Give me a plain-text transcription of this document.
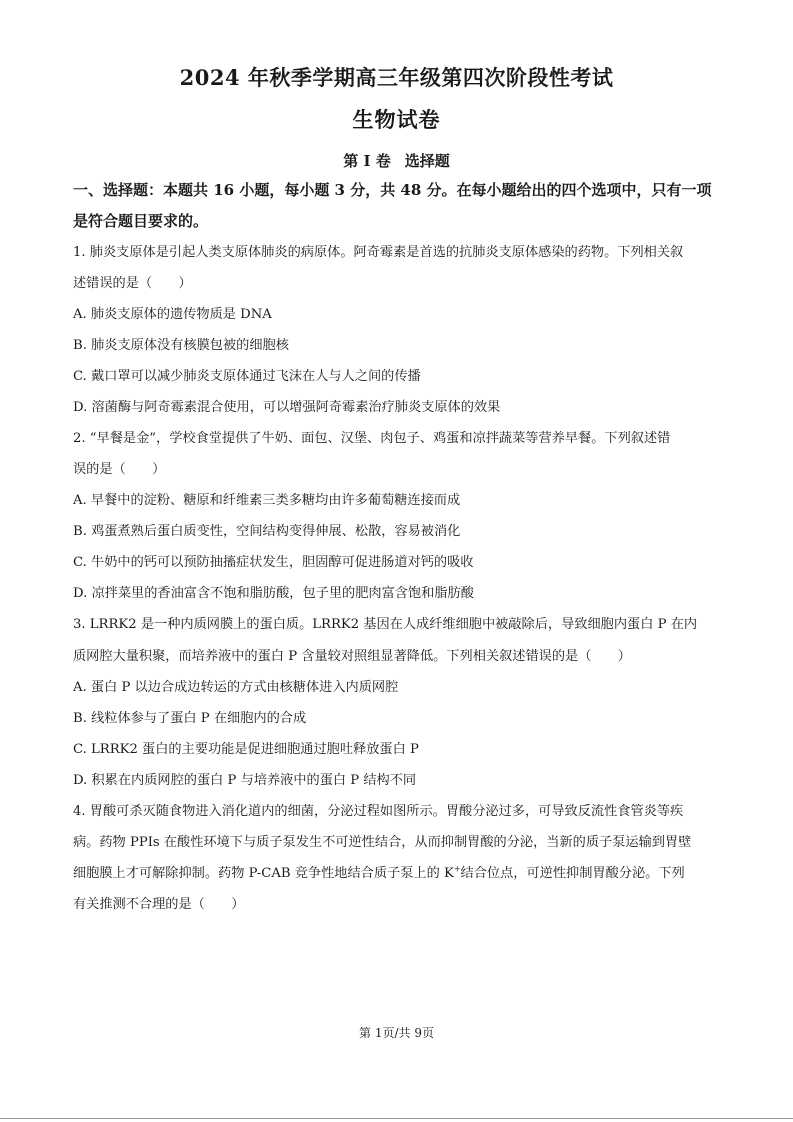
2024 年秋季学期高三年级第四次阶段性考试
生物试卷
第 I 卷 选择题
一、选择题：本题共 16 小题，每小题 3 分，共 48 分。在每小题给出的四个选项中，只有一项
是符合题目要求的。
1. 肺炎支原体是引起人类支原体肺炎的病原体。阿奇霉素是首选的抗肺炎支原体感染的药物。下列相关叙
述错误的是（　　）
A. 肺炎支原体的遗传物质是 DNA
B. 肺炎支原体没有核膜包被的细胞核
C. 戴口罩可以减少肺炎支原体通过飞沫在人与人之间的传播
D. 溶菌酶与阿奇霉素混合使用，可以增强阿奇霉素治疗肺炎支原体的效果
2. “早餐是金”，学校食堂提供了牛奶、面包、汉堡、肉包子、鸡蛋和凉拌蔬菜等营养早餐。下列叙述错
误的是（　　）
A. 早餐中的淀粉、糖原和纤维素三类多糖均由许多葡萄糖连接而成
B. 鸡蛋煮熟后蛋白质变性，空间结构变得伸展、松散，容易被消化
C. 牛奶中的钙可以预防抽搐症状发生，胆固醇可促进肠道对钙的吸收
D. 凉拌菜里的香油富含不饱和脂肪酸，包子里的肥肉富含饱和脂肪酸
3. LRRK2 是一种内质网膜上的蛋白质。LRRK2 基因在人成纤维细胞中被敲除后，导致细胞内蛋白 P 在内
质网腔大量积聚，而培养液中的蛋白 P 含量较对照组显著降低。下列相关叙述错误的是（　　）
A. 蛋白 P 以边合成边转运的方式由核糖体进入内质网腔
B. 线粒体参与了蛋白 P 在细胞内的合成
C. LRRK2 蛋白的主要功能是促进细胞通过胞吐释放蛋白 P
D. 积累在内质网腔的蛋白 P 与培养液中的蛋白 P 结构不同
4. 胃酸可杀灭随食物进入消化道内的细菌，分泌过程如图所示。胃酸分泌过多，可导致反流性食管炎等疾
病。药物 PPIs 在酸性环境下与质子泵发生不可逆性结合，从而抑制胃酸的分泌，当新的质子泵运输到胃壁
细胞膜上才可解除抑制。药物 P-CAB 竞争性地结合质子泵上的 K+结合位点，可逆性抑制胃酸分泌。下列
有关推测不合理的是（　　）
第 1页/共 9页
